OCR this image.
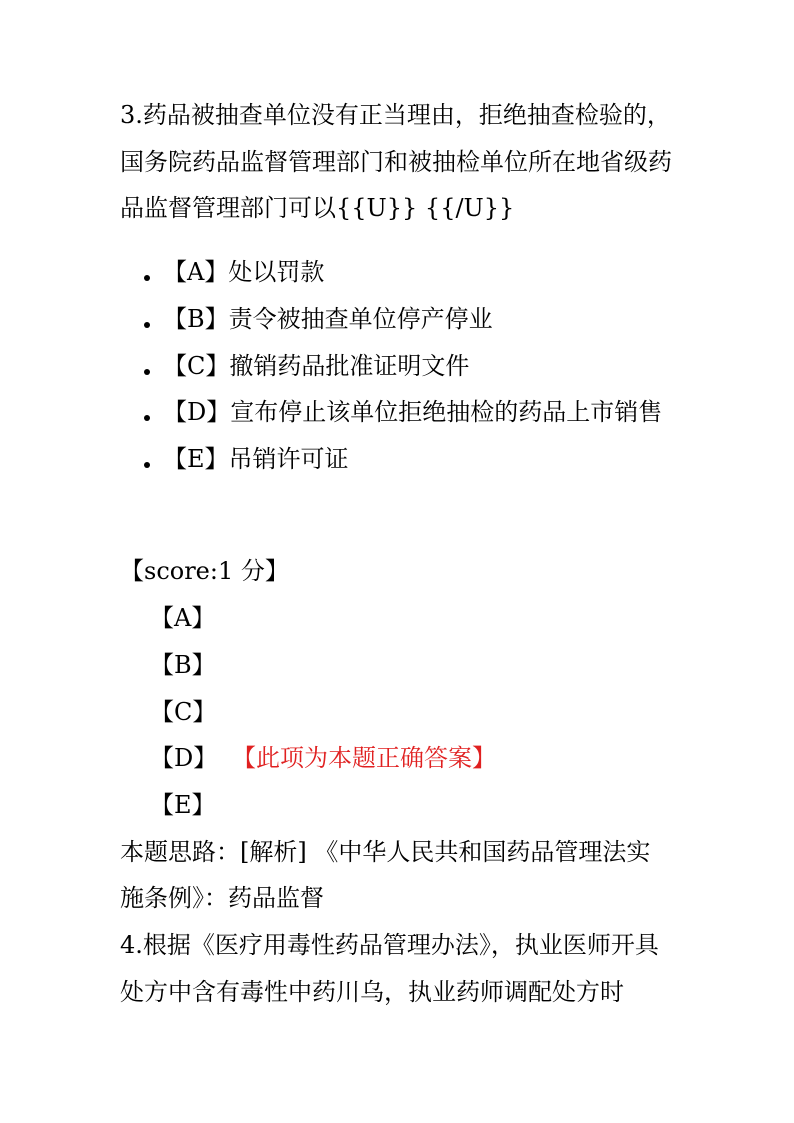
3.药品被抽查单位没有正当理由，拒绝抽查检验的，
国务院药品监督管理部门和被抽检单位所在地省级药
品监督管理部门可以{{U}} {{/U}}
【A】处以罚款
【B】责令被抽查单位停产停业
【C】撤销药品批准证明文件
【D】宣布停止该单位拒绝抽检的药品上市销售
【E】吊销许可证
【score:1 分】
【A】
【B】
【C】
【D】 【此项为本题正确答案】
【E】
本题思路：[解析] 《中华人民共和国药品管理法实
施条例》：药品监督
4.根据《医疗用毒性药品管理办法》，执业医师开具
处方中含有毒性中药川乌，执业药师调配处方时
